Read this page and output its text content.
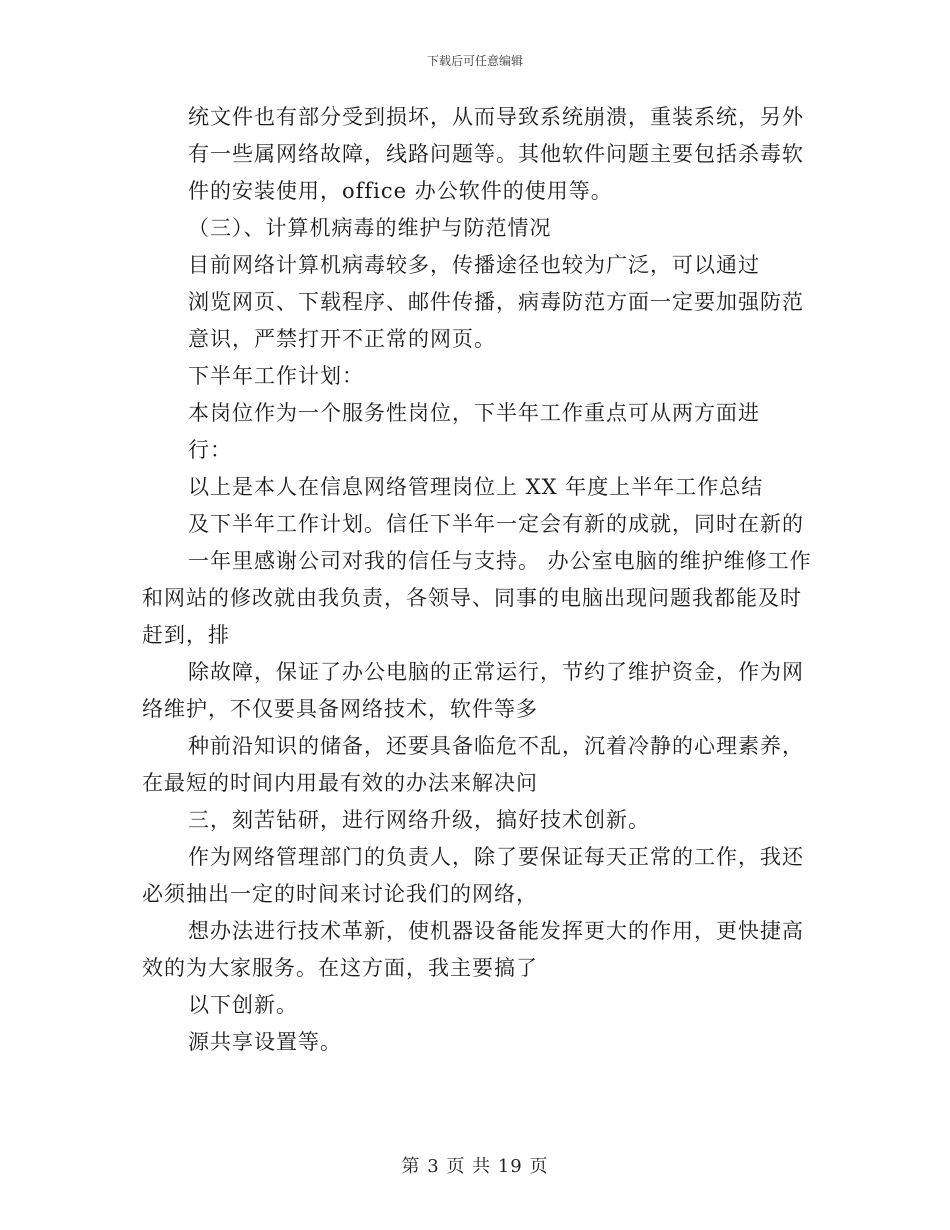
下载后可任意编辑
统文件也有部分受到损坏，从而导致系统崩溃，重装系统，另外
有一些属网络故障，线路问题等。其他软件问题主要包括杀毒软
件的安装使用，office 办公软件的使用等。
（三）、计算机病毒的维护与防范情况
目前网络计算机病毒较多，传播途径也较为广泛，可以通过
浏览网页、下载程序、邮件传播，病毒防范方面一定要加强防范
意识，严禁打开不正常的网页。
下半年工作计划：
本岗位作为一个服务性岗位，下半年工作重点可从两方面进
行：
以上是本人在信息网络管理岗位上 XX 年度上半年工作总结
及下半年工作计划。信任下半年一定会有新的成就，同时在新的
一年里感谢公司对我的信任与支持。 办公室电脑的维护维修工作
和网站的修改就由我负责，各领导、同事的电脑出现问题我都能及时
赶到，排
除故障，保证了办公电脑的正常运行，节约了维护资金，作为网
络维护，不仅要具备网络技术，软件等多
种前沿知识的储备，还要具备临危不乱，沉着冷静的心理素养，
在最短的时间内用最有效的办法来解决问
三，刻苦钻研，进行网络升级，搞好技术创新。
作为网络管理部门的负责人，除了要保证每天正常的工作，我还
必须抽出一定的时间来讨论我们的网络，
想办法进行技术革新，使机器设备能发挥更大的作用，更快捷高
效的为大家服务。在这方面，我主要搞了
以下创新。
源共享设置等。
第 3 页 共 19 页
